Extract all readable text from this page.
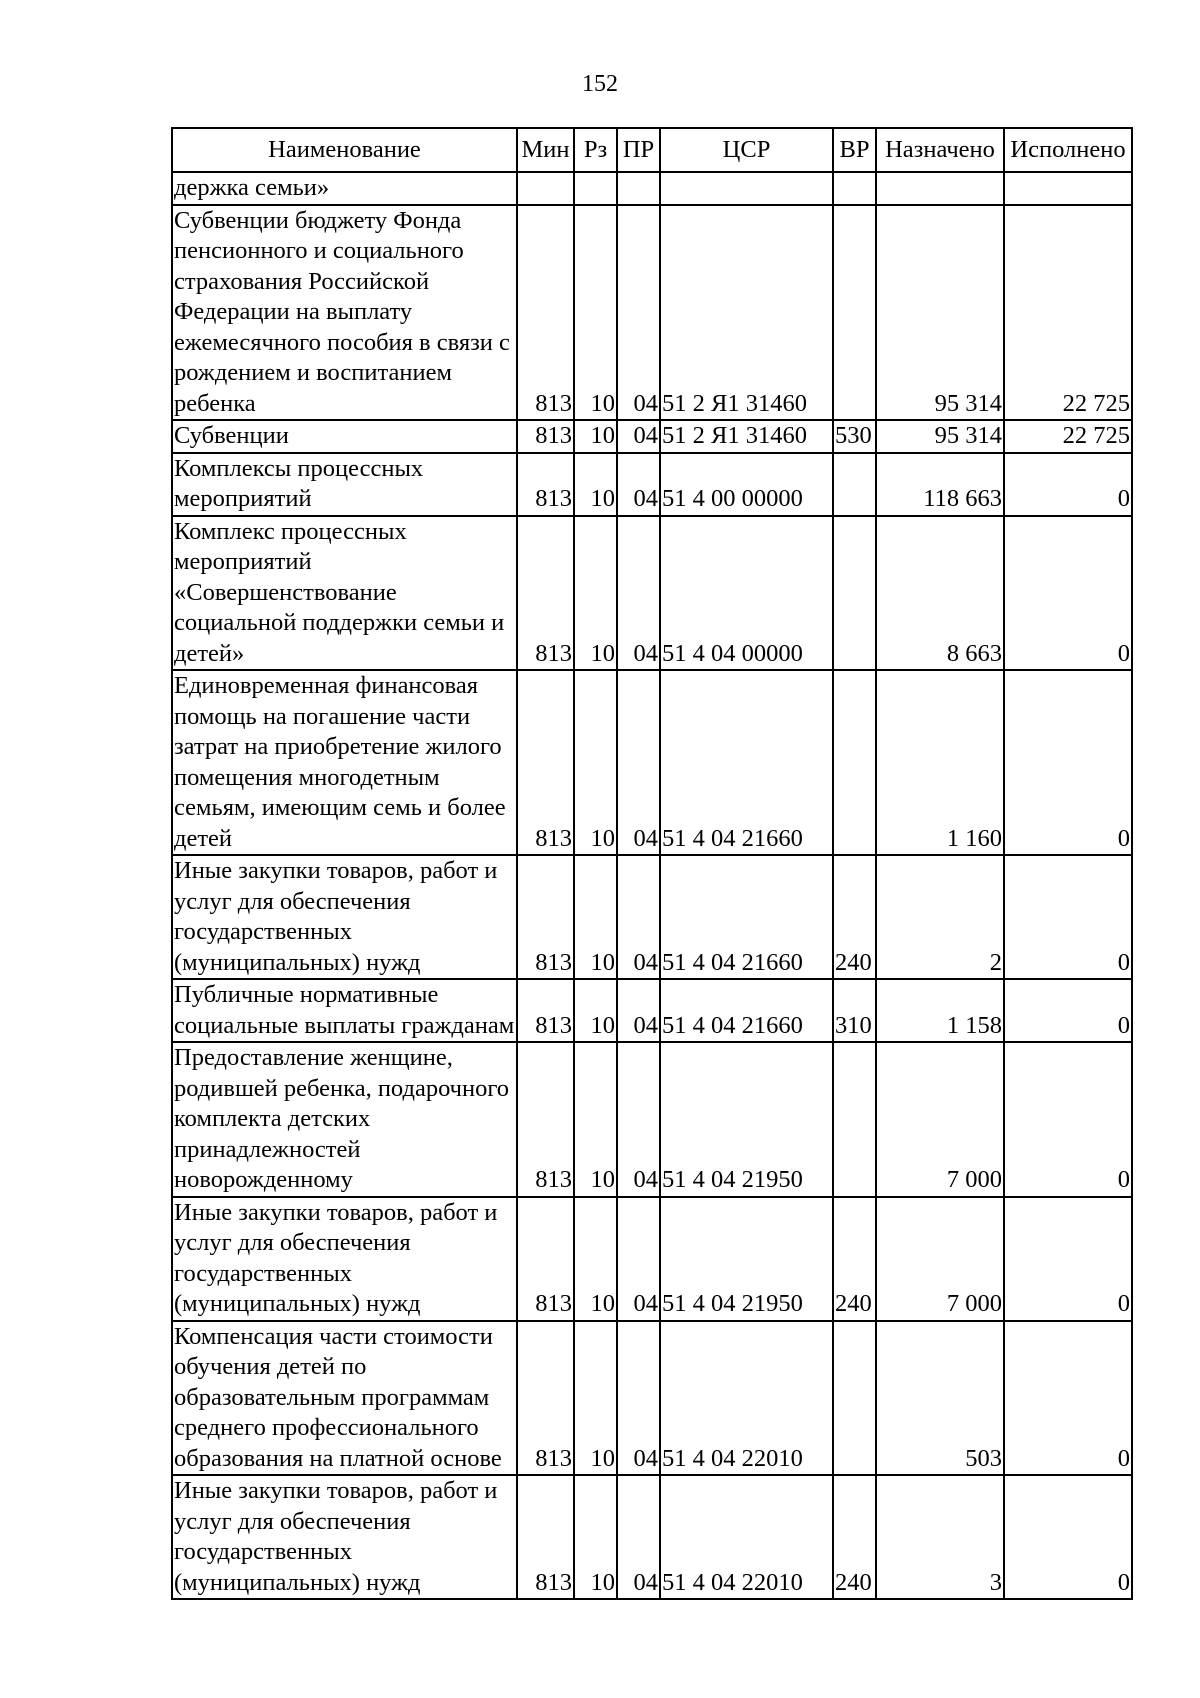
152
Наименование	Мин	Рз	ПР	ЦСР	ВР	Назначено	Исполнено
держка семьи»							
Субвенции бюджету Фонда пенсионного и социального страхования Российской Федерации на выплату ежемесячного пособия в связи с рождением и воспитанием ребенка	813	10	04	51 2 Я1 31460		95 314	22 725
Субвенции	813	10	04	51 2 Я1 31460	530	95 314	22 725
Комплексы процессных мероприятий	813	10	04	51 4 00 00000		118 663	0
Комплекс процессных мероприятий «Совершенствование социальной поддержки семьи и детей»	813	10	04	51 4 04 00000		8 663	0
Единовременная финансовая помощь на погашение части затрат на приобретение жилого помещения многодетным семьям, имеющим семь и более детей	813	10	04	51 4 04 21660		1 160	0
Иные закупки товаров, работ и услуг для обеспечения государственных (муниципальных) нужд	813	10	04	51 4 04 21660	240	2	0
Публичные нормативные социальные выплаты гражданам	813	10	04	51 4 04 21660	310	1 158	0
Предоставление женщине, родившей ребенка, подарочного комплекта детских принадлежностей новорожденному	813	10	04	51 4 04 21950		7 000	0
Иные закупки товаров, работ и услуг для обеспечения государственных (муниципальных) нужд	813	10	04	51 4 04 21950	240	7 000	0
Компенсация части стоимости обучения детей по образовательным программам среднего профессионального образования на платной основе	813	10	04	51 4 04 22010		503	0
Иные закупки товаров, работ и услуг для обеспечения государственных (муниципальных) нужд	813	10	04	51 4 04 22010	240	3	0
